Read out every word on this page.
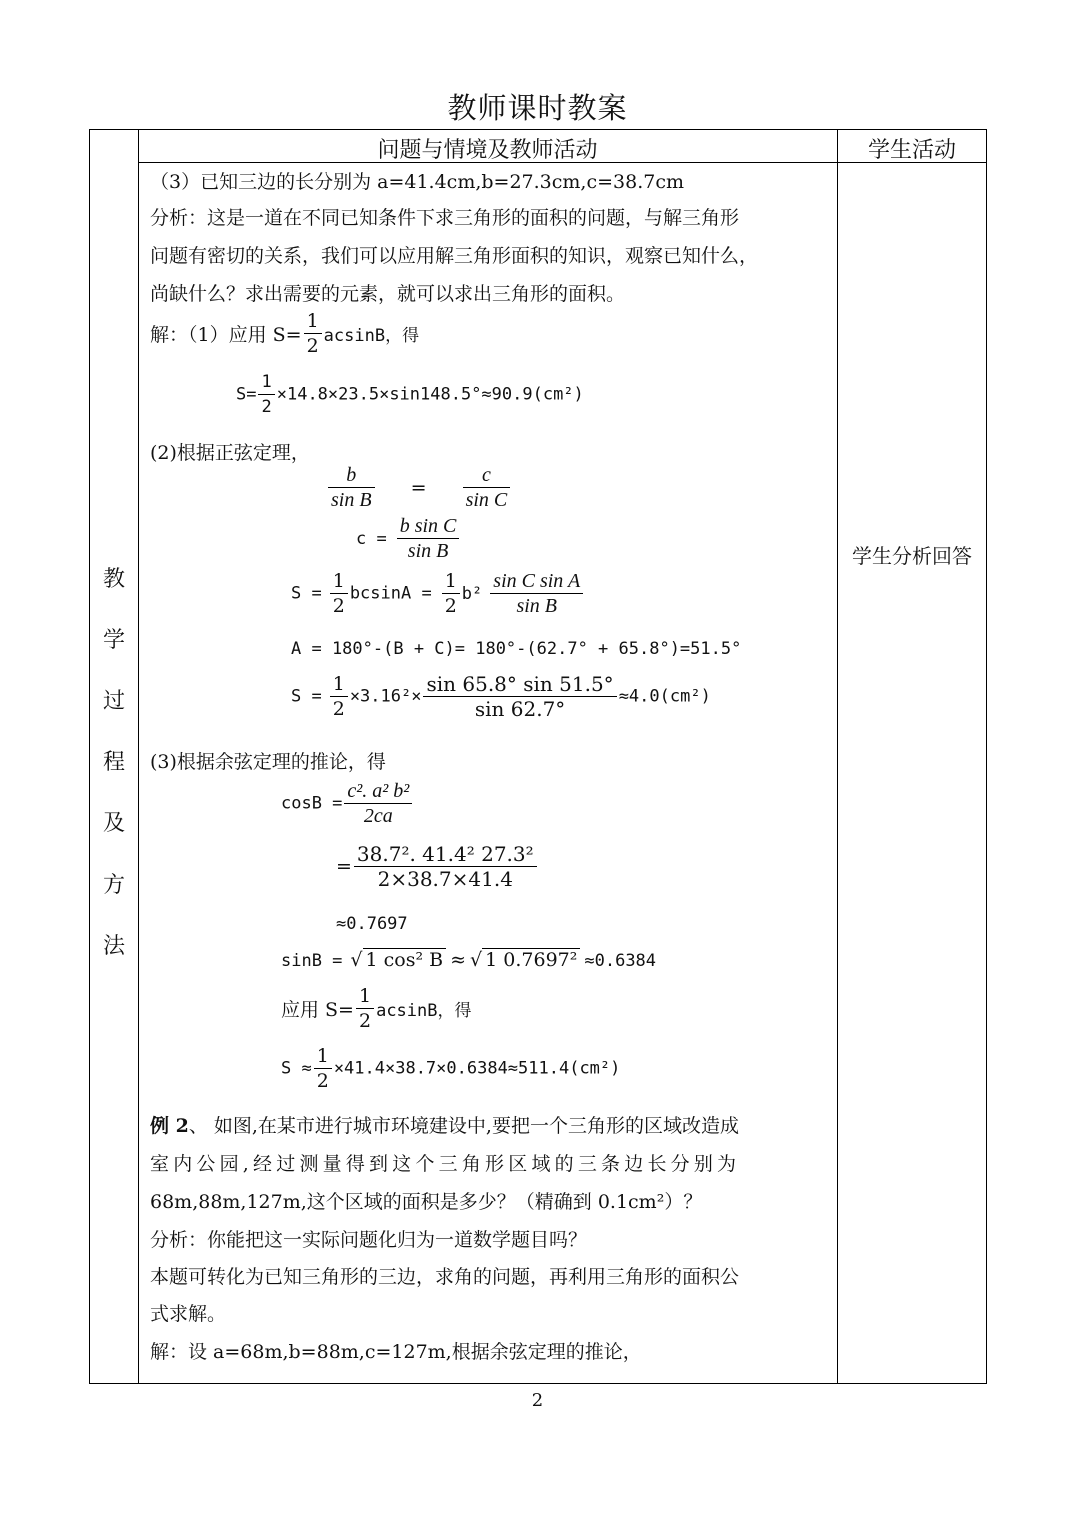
教师课时教案
问题与情境及教师活动	学生活动
教
学
过
程
及
方
法
学生分析回答
（3）已知三边的长分别为 a=41.4cm,b=27.3cm,c=38.7cm
分析：这是一道在不同已知条件下求三角形的面积的问题，与解三角形
问题有密切的关系，我们可以应用解三角形面积的知识，观察已知什么，
尚缺什么？求出需要的元素，就可以求出三角形的面积。
解：（1）应用 $S= \frac{1}{2}$ acsinB，得
$S= \frac{1}{2} \times 14.8\times 23.5\times\sin 148.5^\circ\approx 90.9(cm^2)$
(2)根据正弦定理，
$\frac{b}{\text{sin B}} = \frac{c}{\text{sin C}}$
$c = \frac{\text{b sin C}}{\text{sin B}}$
$S = \frac{1}{2}$ $bcsinA = \frac{1}{2} b^2 \frac{\text{sin C sin A}}{\text{sin B}}$
A = 180°-(B + C)= 180°-(62.7° + 65.8°)=51.5°
$S = \frac{1}{2} \times 3.16^2\times \frac{\sin 65.8^\circ \sin 51.5^\circ}{\sin 62.7^\circ} \approx 4.0(cm^2)$
(3)根据余弦定理的推论，得
$\cos B = \frac{\text{c². a² b²}}{2ca}$
= $\frac{\text{38.7². 41.4² 27.3²}}{2\times 38.7\times 41.4}$
≈0.7697
sinB = √ 1 cos² B ≈ √ 1 0.7697² ≈0.6384
应用 $S= \frac{1}{2}$ acsinB，得
$S \approx \frac{1}{2} \times 41.4\times 38.7\times 0.6384\approx 511.4(cm^2)$
例 2、 如图,在某市进行城市环境建设中,要把一个三角形的区域改造成
室内公园,经过测量得到这个三角形区域的三条边长分别为
68m,88m,127m,这个区域的面积是多少？（精确到 0.1cm²）？
分析：你能把这一实际问题化归为一道数学题目吗？
本题可转化为已知三角形的三边，求角的问题，再利用三角形的面积公
式求解。
解：设 a=68m,b=88m,c=127m,根据余弦定理的推论，
2
